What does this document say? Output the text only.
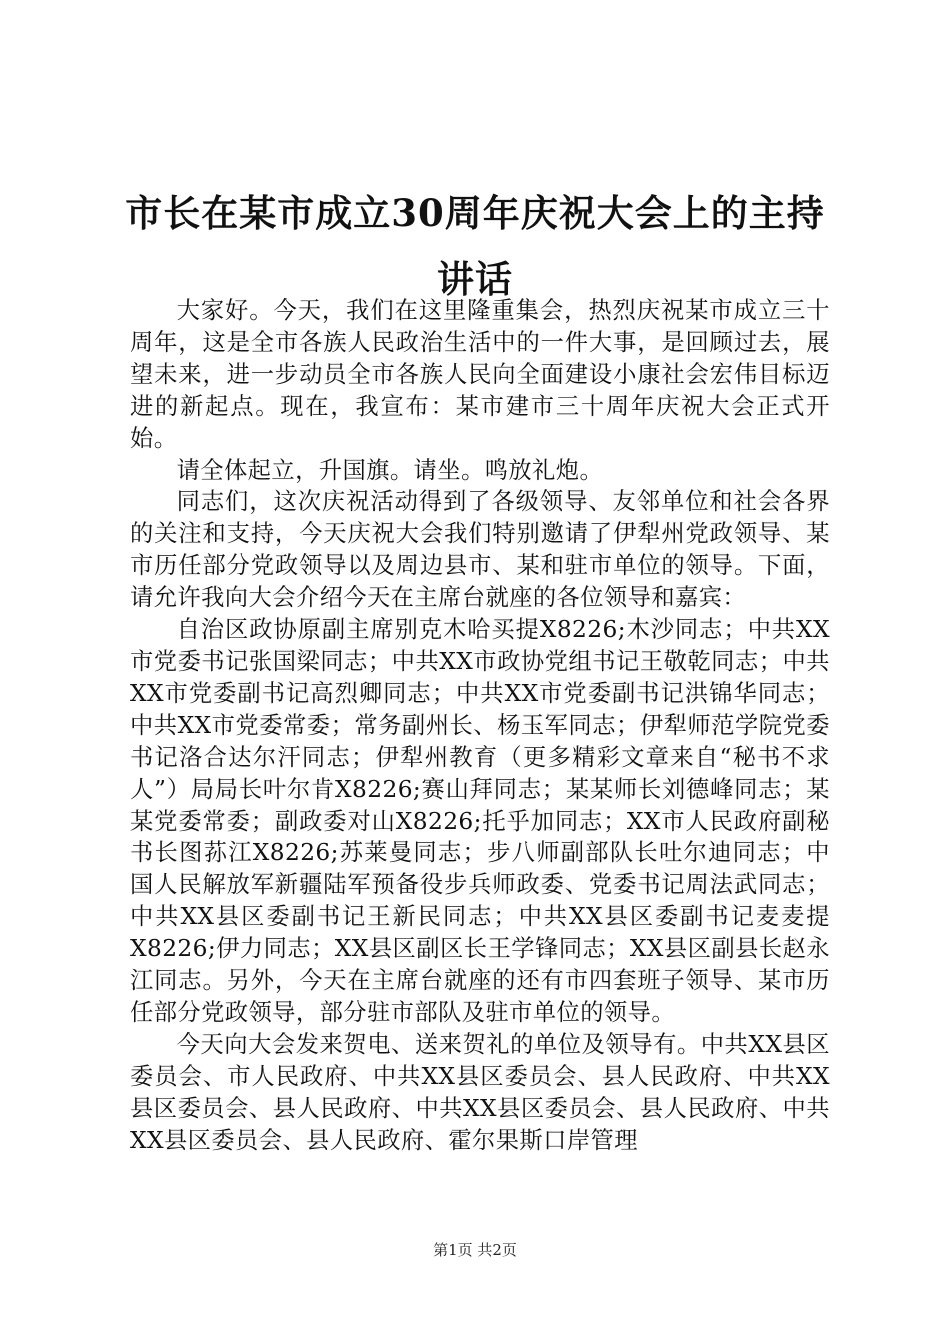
市长在某市成立30周年庆祝大会上的主持讲话

大家好。今天，我们在这里隆重集会，热烈庆祝某市成立三十周年，这是全市各族人民政治生活中的一件大事，是回顾过去，展望未来，进一步动员全市各族人民向全面建设小康社会宏伟目标迈进的新起点。现在，我宣布：某市建市三十周年庆祝大会正式开始。

请全体起立，升国旗。请坐。鸣放礼炮。

同志们，这次庆祝活动得到了各级领导、友邻单位和社会各界的关注和支持，今天庆祝大会我们特别邀请了伊犁州党政领导、某市历任部分党政领导以及周边县市、某和驻市单位的领导。下面，请允许我向大会介绍今天在主席台就座的各位领导和嘉宾：

自治区政协原副主席别克木哈买提X8226;木沙同志；中共XX市党委书记张国梁同志；中共XX市政协党组书记王敬乾同志；中共XX市党委副书记高烈卿同志；中共XX市党委副书记洪锦华同志；中共XX市党委常委；常务副州长、杨玉军同志；伊犁师范学院党委书记洛合达尔汗同志；伊犁州教育（更多精彩文章来自“秘书不求人”）局局长叶尔肯X8226;赛山拜同志；某某师长刘德峰同志；某某党委常委；副政委对山X8226;托乎加同志；XX市人民政府副秘书长图荪江X8226;苏莱曼同志；步八师副部队长吐尔迪同志；中国人民解放军新疆陆军预备役步兵师政委、党委书记周法武同志；中共XX县区委副书记王新民同志；中共XX县区委副书记麦麦提X8226;伊力同志；XX县区副区长王学锋同志；XX县区副县长赵永江同志。另外，今天在主席台就座的还有市四套班子领导、某市历任部分党政领导，部分驻市部队及驻市单位的领导。

今天向大会发来贺电、送来贺礼的单位及领导有。中共XX县区委员会、市人民政府、中共XX县区委员会、县人民政府、中共XX县区委员会、县人民政府、中共XX县区委员会、县人民政府、中共XX县区委员会、县人民政府、霍尔果斯口岸管理

第1页 共2页
